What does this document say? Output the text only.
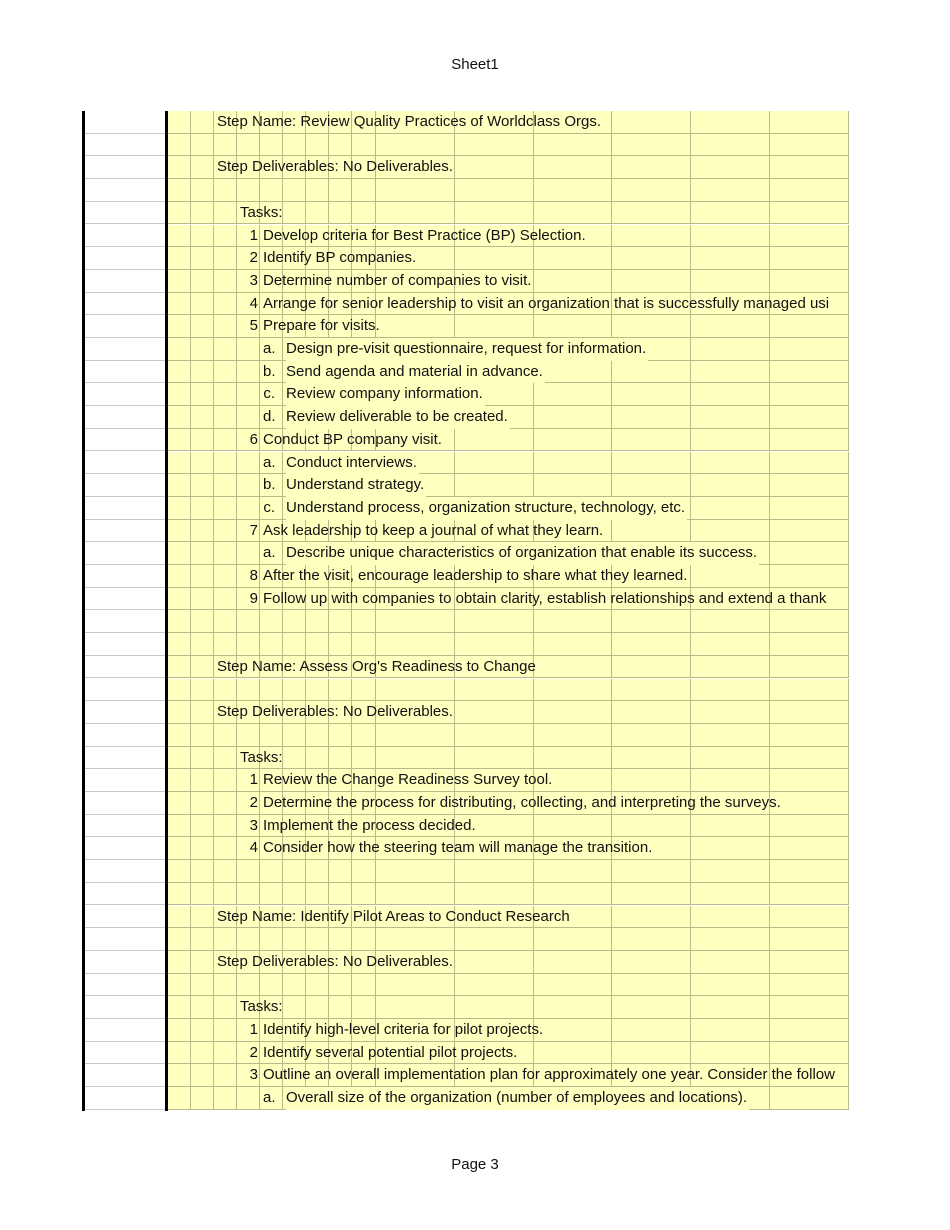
Sheet1
Step Name: Review Quality Practices of Worldclass Orgs.
Step Deliverables: No Deliverables.
Tasks:
1 Develop criteria for Best Practice (BP) Selection.
2 Identify BP companies.
3 Determine number of companies to visit.
4 Arrange for senior leadership to visit an organization that is successfully managed usi
5 Prepare for visits.
a. Design pre-visit questionnaire, request for information.
b. Send agenda and material in advance.
c. Review company information.
d. Review deliverable to be created.
6 Conduct BP company visit.
a. Conduct interviews.
b. Understand strategy.
c. Understand process, organization structure, technology, etc.
7 Ask leadership to keep a journal of what they learn.
a. Describe unique characteristics of organization that enable its success.
8 After the visit, encourage leadership to share what they learned.
9 Follow up with companies to obtain clarity, establish relationships and extend a thank
Step Name: Assess Org's Readiness to Change
Step Deliverables: No Deliverables.
Tasks:
1 Review the Change Readiness Survey tool.
2 Determine the process for distributing, collecting, and interpreting the surveys.
3 Implement the process decided.
4 Consider how the steering team will manage the transition.
Step Name: Identify Pilot Areas to Conduct Research
Step Deliverables: No Deliverables.
Tasks:
1 Identify high-level criteria for pilot projects.
2 Identify several potential pilot projects.
3 Outline an overall implementation plan for approximately one year. Consider the follow
a. Overall size of the organization (number of employees and locations).
Page 3
